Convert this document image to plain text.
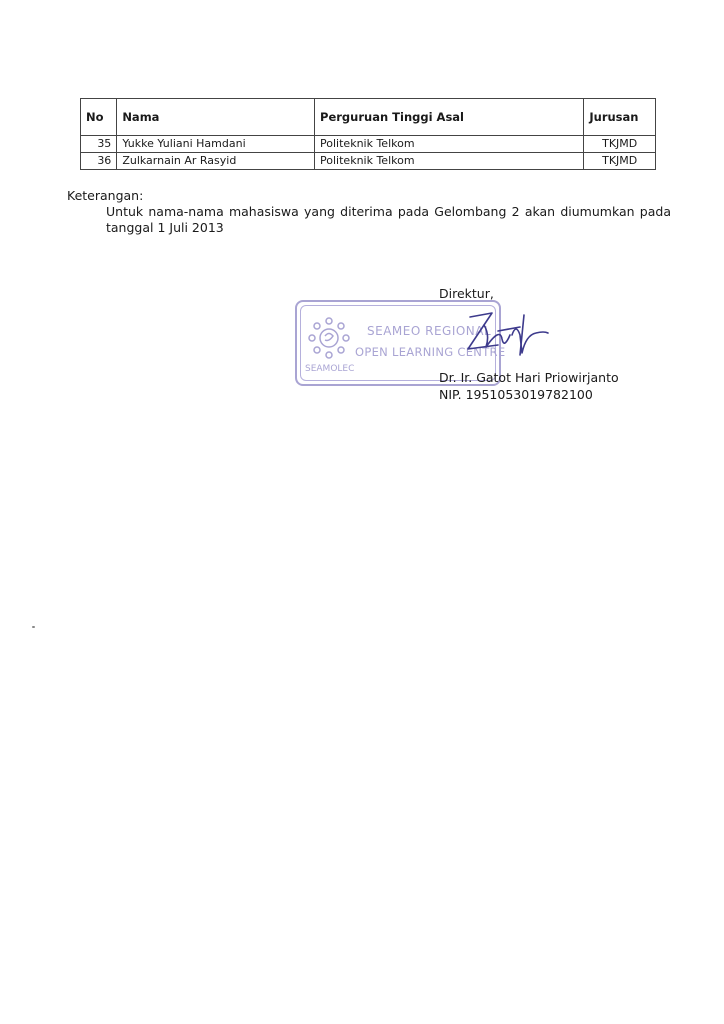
No	Nama	Perguruan Tinggi Asal	Jurusan
35	Yukke Yuliani Hamdani	Politeknik Telkom	TKJMD
36	Zulkarnain Ar Rasyid	Politeknik Telkom	TKJMD
Keterangan:
Untuk nama-nama mahasiswa yang diterima pada Gelombang 2 akan diumumkan pada tanggal 1 Juli 2013
SEAMEO REGIONAL
OPEN LEARNING CENTRE
SEAMOLEC
Direktur,
Dr. Ir. Gatot Hari Priowirjanto
NIP. 1951053019782100
